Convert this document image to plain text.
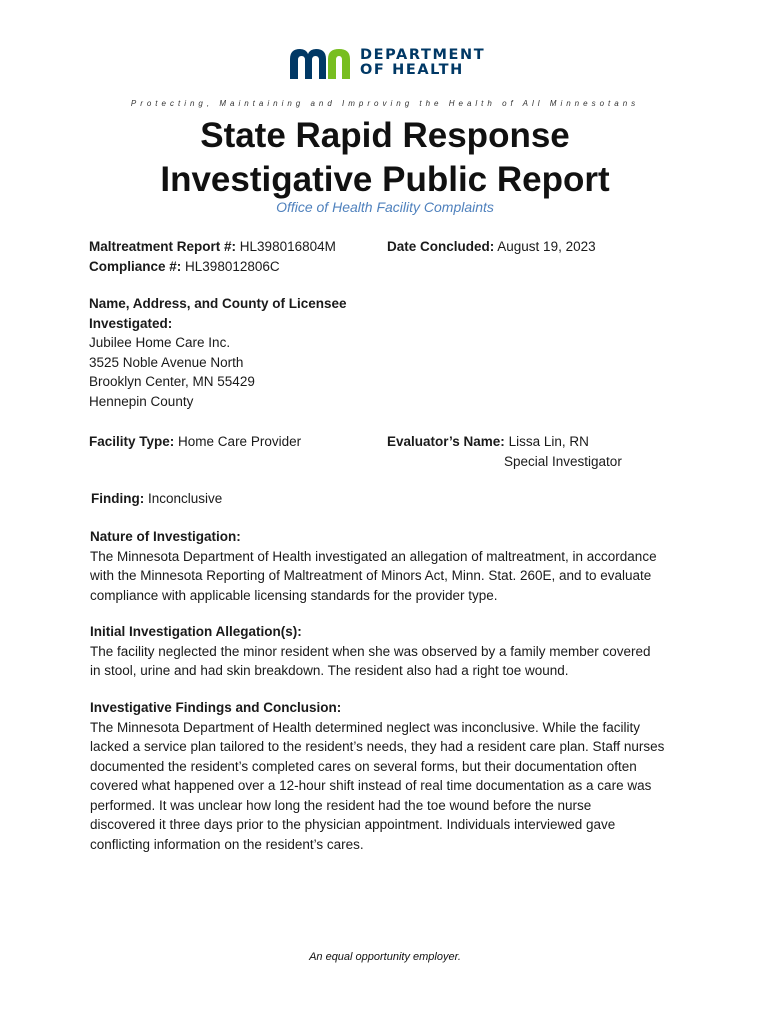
DEPARTMENT
OF HEALTH
Protecting, Maintaining and Improving the Health of All Minnesotans
State Rapid Response
Investigative Public Report
Office of Health Facility Complaints
Maltreatment Report #: HL398016804M
Compliance #: HL398012806C
Date Concluded: August 19, 2023
Name, Address, and County of Licensee
Investigated:
Jubilee Home Care Inc.
3525 Noble Avenue North
Brooklyn Center, MN 55429
Hennepin County
Facility Type: Home Care Provider	Evaluator’s Name: Lissa Lin, RN
Special Investigator
Finding: Inconclusive
Nature of Investigation:
The Minnesota Department of Health investigated an allegation of maltreatment, in accordance
with the Minnesota Reporting of Maltreatment of Minors Act, Minn. Stat. 260E, and to evaluate
compliance with applicable licensing standards for the provider type.
Initial Investigation Allegation(s):
The facility neglected the minor resident when she was observed by a family member covered
in stool, urine and had skin breakdown. The resident also had a right toe wound.
Investigative Findings and Conclusion:
The Minnesota Department of Health determined neglect was inconclusive. While the facility
lacked a service plan tailored to the resident’s needs, they had a resident care plan. Staff nurses
documented the resident’s completed cares on several forms, but their documentation often
covered what happened over a 12-hour shift instead of real time documentation as a care was
performed. It was unclear how long the resident had the toe wound before the nurse
discovered it three days prior to the physician appointment. Individuals interviewed gave
conflicting information on the resident’s cares.
An equal opportunity employer.
